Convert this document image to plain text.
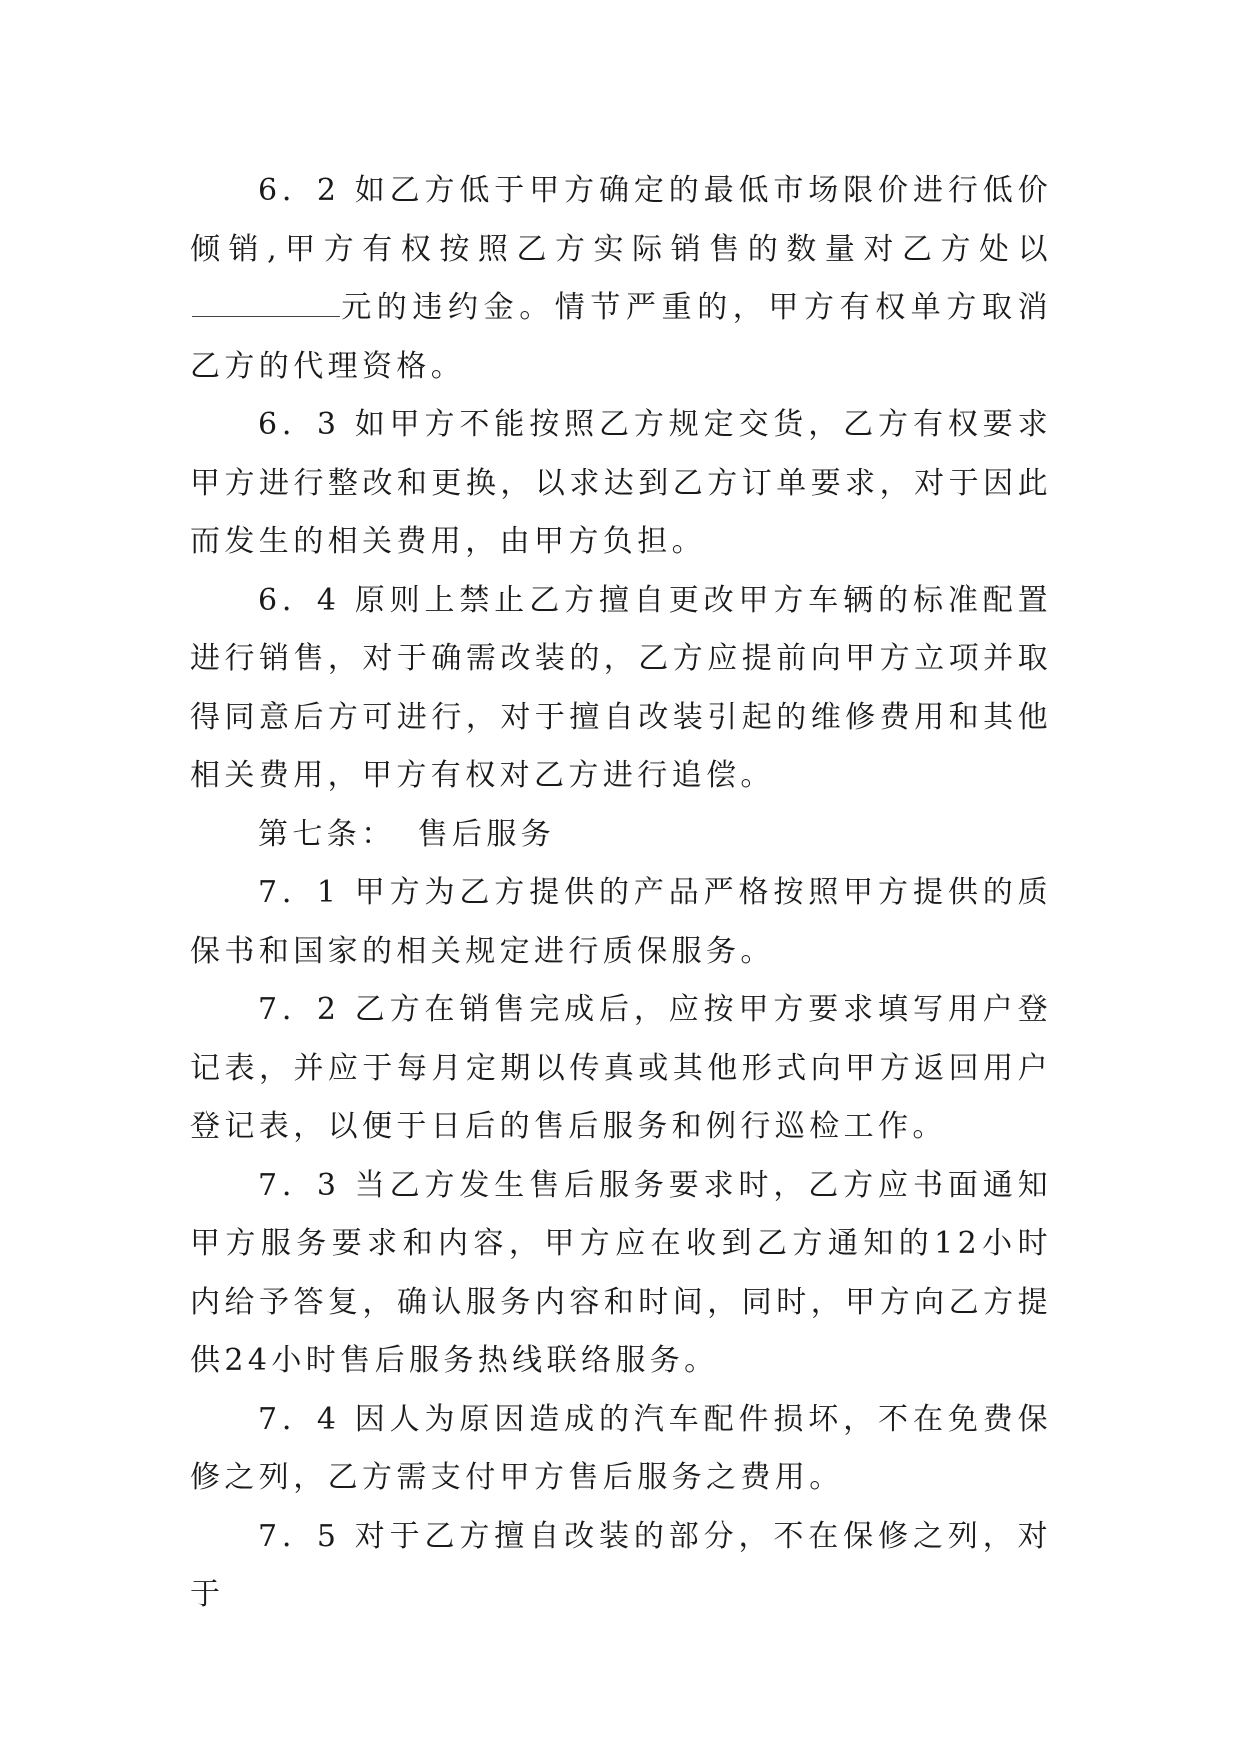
6．2 如乙方低于甲方确定的最低市场限价进行低价倾销,甲方有权按照乙方实际销售的数量对乙方处以元的违约金。情节严重的，甲方有权单方取消乙方的代理资格。

6．3 如甲方不能按照乙方规定交货，乙方有权要求甲方进行整改和更换，以求达到乙方订单要求，对于因此而发生的相关费用，由甲方负担。

6．4 原则上禁止乙方擅自更改甲方车辆的标准配置进行销售，对于确需改装的，乙方应提前向甲方立项并取得同意后方可进行，对于擅自改装引起的维修费用和其他相关费用，甲方有权对乙方进行追偿。

第七条： 售后服务

7．1 甲方为乙方提供的产品严格按照甲方提供的质保书和国家的相关规定进行质保服务。

7．2 乙方在销售完成后，应按甲方要求填写用户登记表，并应于每月定期以传真或其他形式向甲方返回用户登记表，以便于日后的售后服务和例行巡检工作。

7．3 当乙方发生售后服务要求时，乙方应书面通知甲方服务要求和内容，甲方应在收到乙方通知的12小时内给予答复，确认服务内容和时间，同时，甲方向乙方提供24小时售后服务热线联络服务。

7．4 因人为原因造成的汽车配件损坏，不在免费保修之列，乙方需支付甲方售后服务之费用。

7．5 对于乙方擅自改装的部分，不在保修之列，对于
